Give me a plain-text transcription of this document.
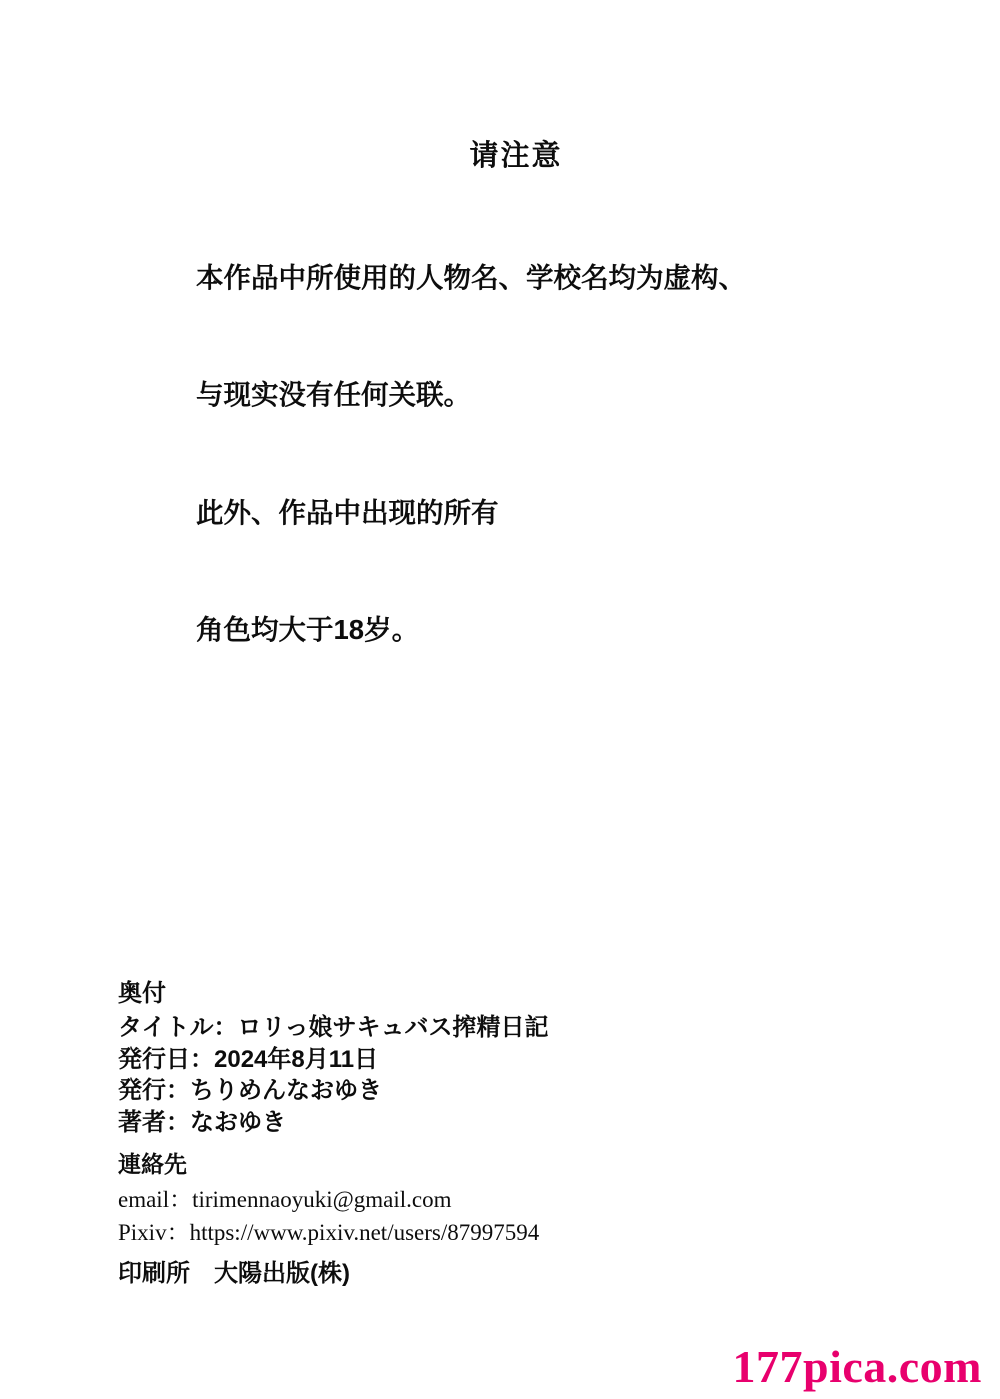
请注意

本作品中所使用的人物名、学校名均为虚构、

与现实没有任何关联。

此外、作品中出现的所有

角色均大于18岁。

奥付
タイトル：ロリっ娘サキュバス搾精日記
発行日：2024年8月11日
発行：ちりめんなおゆき
著者：なおゆき
連絡先
email：tirimennaoyuki@gmail.com
Pixiv：https://www.pixiv.net/users/87997594

印刷所　大陽出版(株)

177pica.com
